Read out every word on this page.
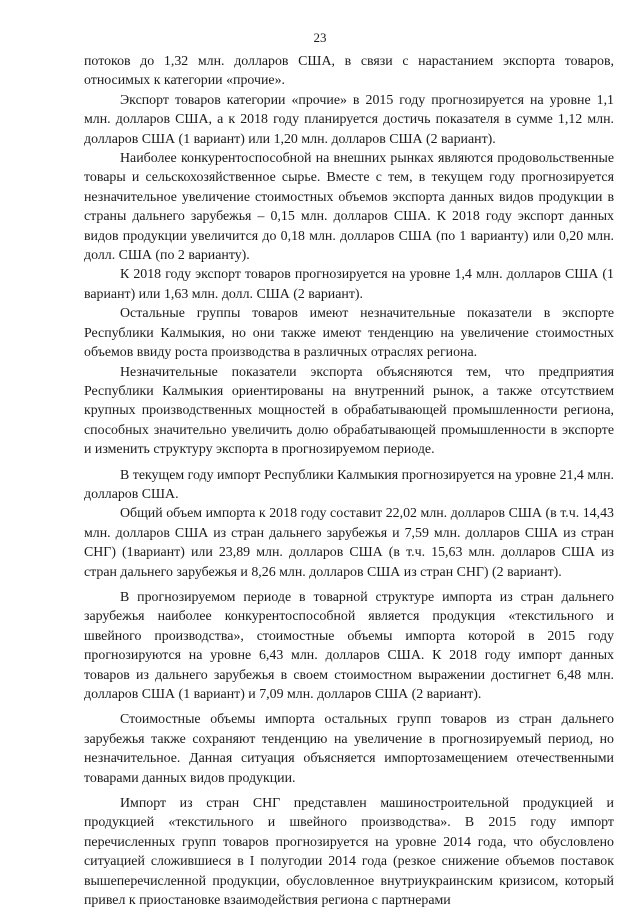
23

потоков до 1,32 млн. долларов США, в связи с нарастанием экспорта товаров, относимых к категории «прочие».

Экспорт товаров категории «прочие» в 2015 году прогнозируется на уровне 1,1 млн. долларов США, а к 2018 году планируется достичь показателя в сумме 1,12 млн. долларов США (1 вариант) или 1,20 млн. долларов США (2 вариант).

Наиболее конкурентоспособной на внешних рынках являются продовольственные товары и сельскохозяйственное сырье. Вместе с тем, в текущем году прогнозируется незначительное увеличение стоимостных объемов экспорта данных видов продукции в страны дальнего зарубежья – 0,15 млн. долларов США. К 2018 году экспорт данных видов продукции увеличится до 0,18 млн. долларов США (по 1 варианту) или 0,20 млн. долл. США (по 2 варианту).

К 2018 году экспорт товаров прогнозируется на уровне 1,4 млн. долларов США (1 вариант) или 1,63 млн. долл. США (2 вариант).

Остальные группы товаров имеют незначительные показатели в экспорте Республики Калмыкия, но они также имеют тенденцию на увеличение стоимостных объемов ввиду роста производства в различных отраслях региона.

Незначительные показатели экспорта объясняются тем, что предприятия Республики Калмыкия ориентированы на внутренний рынок, а также отсутствием крупных производственных мощностей в обрабатывающей промышленности региона, способных значительно увеличить долю обрабатывающей промышленности в экспорте и изменить структуру экспорта в прогнозируемом периоде.

В текущем году импорт Республики Калмыкия прогнозируется на уровне 21,4 млн. долларов США.

Общий объем импорта к 2018 году составит 22,02 млн. долларов США (в т.ч. 14,43 млн. долларов США из стран дальнего зарубежья и 7,59 млн. долларов США из стран СНГ) (1вариант) или 23,89 млн. долларов США (в т.ч. 15,63 млн. долларов США из стран дальнего зарубежья и 8,26 млн. долларов США из стран СНГ) (2 вариант).

В прогнозируемом периоде в товарной структуре импорта из стран дальнего зарубежья наиболее конкурентоспособной является продукция «текстильного и швейного производства», стоимостные объемы импорта которой в 2015 году прогнозируются на уровне 6,43 млн. долларов США. К 2018 году импорт данных товаров из дальнего зарубежья в своем стоимостном выражении достигнет 6,48 млн. долларов США (1 вариант) и 7,09 млн. долларов США (2 вариант).

Стоимостные объемы импорта остальных групп товаров из стран дальнего зарубежья также сохраняют тенденцию на увеличение в прогнозируемый период, но незначительное. Данная ситуация объясняется импортозамещением отечественными товарами данных видов продукции.

Импорт из стран СНГ представлен машиностроительной продукцией и продукцией «текстильного и швейного производства». В 2015 году импорт перечисленных групп товаров прогнозируется на уровне 2014 года, что обусловлено ситуацией сложившиеся в I полугодии 2014 года (резкое снижение объемов поставок вышеперечисленной продукции, обусловленное внутриукраинским кризисом, который привел к приостановке взаимодействия региона с партнерами
